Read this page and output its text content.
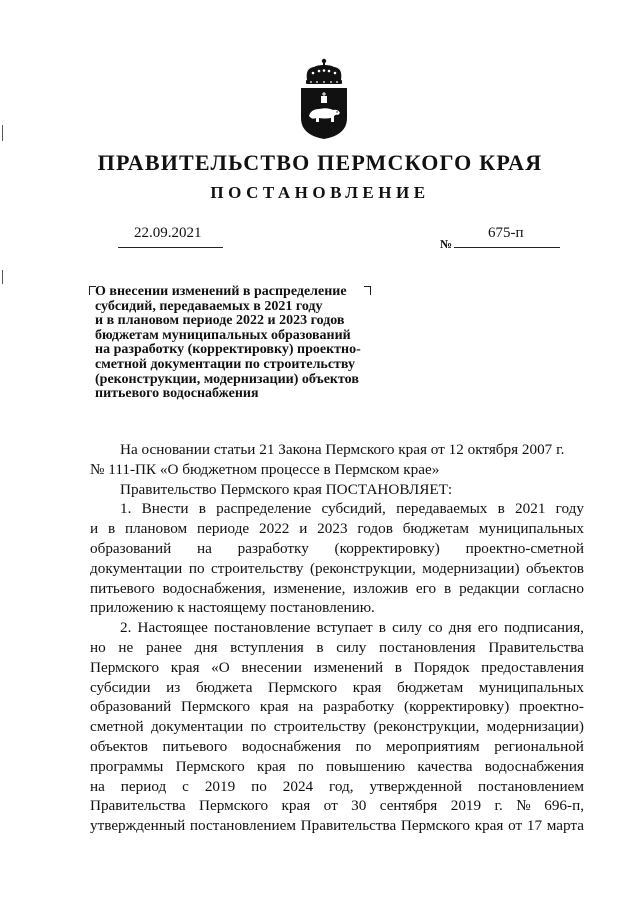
ПРАВИТЕЛЬСТВО ПЕРМСКОГО КРАЯ
ПОСТАНОВЛЕНИЕ
22.09.2021
№
675-п
О внесении изменений в распределение
субсидий, передаваемых в 2021 году
и в плановом периоде 2022 и 2023 годов
бюджетам муниципальных образований
на разработку (корректировку) проектно-
сметной документации по строительству
(реконструкции, модернизации) объектов
питьевого водоснабжения
На основании статьи 21 Закона Пермского края от 12 октября 2007 г.
№ 111-ПК «О бюджетном процессе в Пермском крае»
Правительство Пермского края ПОСТАНОВЛЯЕТ:
1. Внести в распределение субсидий, передаваемых в 2021 году
и в плановом периоде 2022 и 2023 годов бюджетам муниципальных
образований на разработку (корректировку) проектно-сметной
документации по строительству (реконструкции, модернизации) объектов
питьевого водоснабжения, изменение, изложив его в редакции согласно
приложению к настоящему постановлению.
2. Настоящее постановление вступает в силу со дня его подписания,
но не ранее дня вступления в силу постановления Правительства
Пермского края «О внесении изменений в Порядок предоставления
субсидии из бюджета Пермского края бюджетам муниципальных
образований Пермского края на разработку (корректировку) проектно-
сметной документации по строительству (реконструкции, модернизации)
объектов питьевого водоснабжения по мероприятиям региональной
программы Пермского края по повышению качества водоснабжения
на период с 2019 по 2024 год, утвержденной постановлением
Правительства Пермского края от 30 сентября 2019 г. № 696-п,
утвержденный постановлением Правительства Пермского края от 17 марта
